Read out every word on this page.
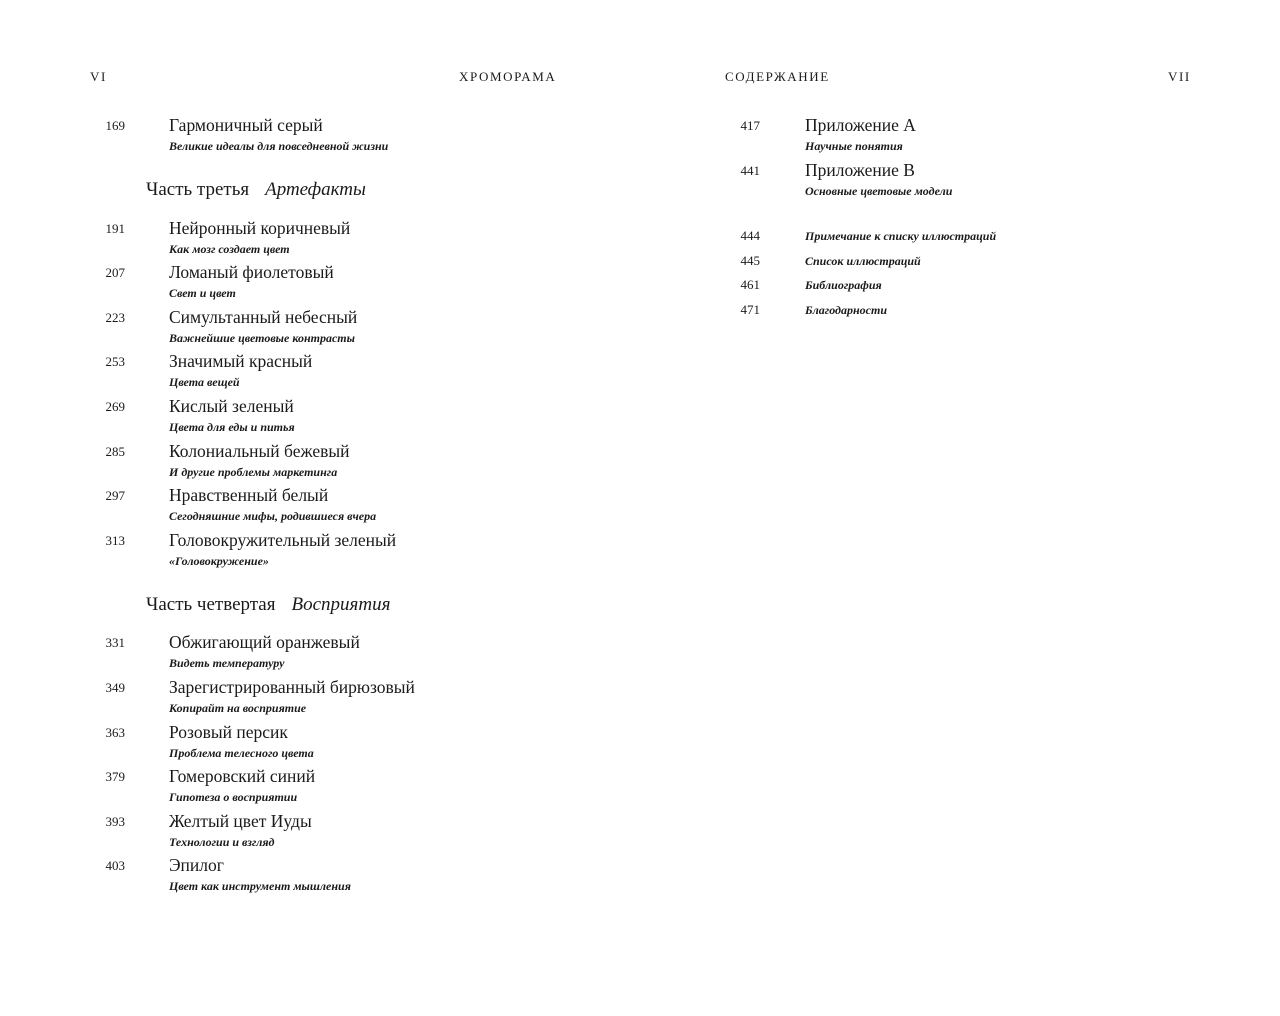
VI	ХРОМОРАМА	СОДЕРЖАНИЕ	VII
169	Гармоничный серый
Великие идеалы для повседневной жизни
Часть третья Артефакты
191	Нейронный коричневый
Как мозг создает цвет
207	Ломаный фиолетовый
Свет и цвет
223	Симультанный небесный
Важнейшие цветовые контрасты
253	Значимый красный
Цвета вещей
269	Кислый зеленый
Цвета для еды и питья
285	Колониальный бежевый
И другие проблемы маркетинга
297	Нравственный белый
Сегодняшние мифы, родившиеся вчера
313	Головокружительный зеленый
«Головокружение»
Часть четвертая Восприятия
331	Обжигающий оранжевый
Видеть температуру
349	Зарегистрированный бирюзовый
Копирайт на восприятие
363	Розовый персик
Проблема телесного цвета
379	Гомеровский синий
Гипотеза о восприятии
393	Желтый цвет Иуды
Технологии и взгляд
403	Эпилог
Цвет как инструмент мышления
417	Приложение A
Научные понятия
441	Приложение B
Основные цветовые модели
444	Примечание к списку иллюстраций
445	Список иллюстраций
461	Библиография
471	Благодарности
